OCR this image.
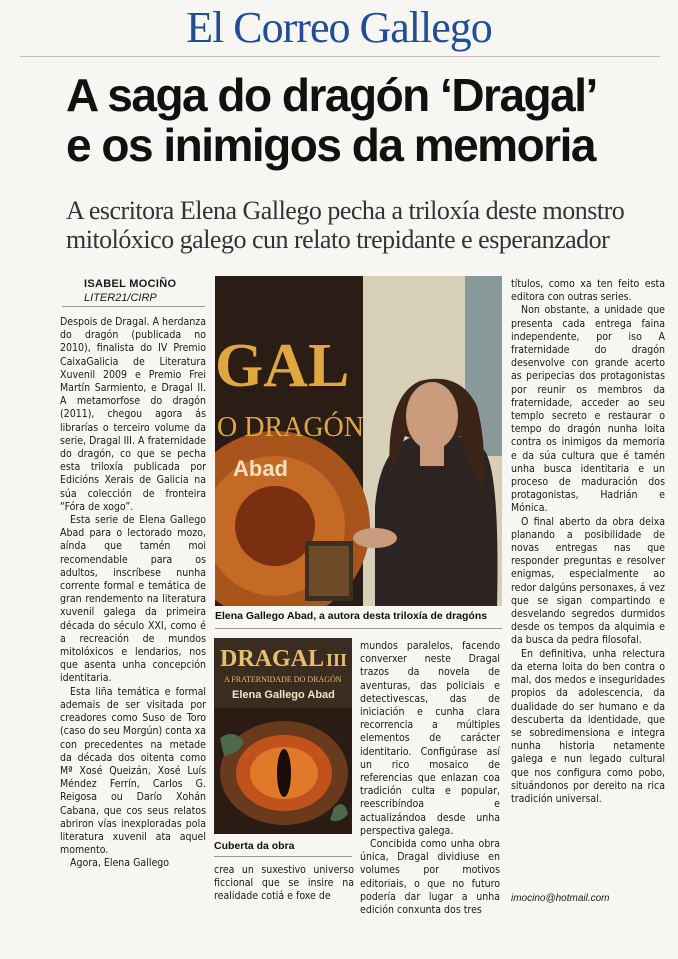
El Correo Gallego
A saga do dragón ‘Dragal’
e os inimigos da memoria
A escritora Elena Gallego pecha a triloxía deste monstro
mitolóxico galego cun relato trepidante e esperanzador
ISABEL MOCIÑO
LITER21/CIRP

Despois de Dragal. A herdanza do dragón (publicada no 2010), finalista do IV Premio CaixaGalicia de Literatura Xuvenil 2009 e Premio Frei Martín Sarmiento, e Dragal II. A metamorfose do dragón (2011), chegou agora ás librarías o terceiro volume da serie, Dragal III. A fraternidade do dragón, co que se pecha esta triloxía publicada por Edicións Xerais de Galicia na súa colección de fronteira “Fóra de xogo”.

Esta serie de Elena Gallego Abad para o lectorado mozo, aínda que tamén moi recomendable para os adultos, inscríbese nunha corrente formal e temática de gran rendemento na literatura xuvenil galega da primeira década do século XXI, como é a recreación de mundos mitolóxicos e lendarios, nos que asenta unha concepción identitaria.

Esta liña temática e formal ademais de ser visitada por creadores como Suso de Toro (caso do seu Morgún) conta xa con precedentes na metade da década dos oitenta como Mª Xosé Queizán, Xosé Luís Méndez Ferrín, Carlos G. Reigosa ou Darío Xohán Cabana, que cos seus relatos abriron vías inexploradas pola literatura xuvenil ata aquel momento.

Agora, Elena Gallego

GAL
O DRAGÓN
Abad
Elena Gallego Abad, a autora desta triloxía de dragóns
DRAGAL III
A FRATERNIDADE DO DRAGÓN
Elena Gallego Abad
Cuberta da obra

crea un suxestivo universo ficcional que se insire na realidade cotiá e foxe de

mundos paralelos, facendo converxer neste Dragal trazos da novela de aventuras, das policiais e detectivescas, das de iniciación e cunha clara recorrencia a múltiples elementos de carácter identitario. Configúrase así un rico mosaico de referencias que enlazan coa tradición culta e popular, reescribíndoa e actualizándoa desde unha perspectiva galega.

Concibida como unha obra única, Dragal dividiuse en volumes por motivos editoriais, o que no futuro podería dar lugar a unha edición conxunta dos tres

títulos, como xa ten feito esta editora con outras series.

Non obstante, a unidade que presenta cada entrega faina independente, por iso A fraternidade do dragón desenvolve con grande acerto as peripecias dos protagonistas por reunir os membros da fraternidade, acceder ao seu templo secreto e restaurar o tempo do dragón nunha loita contra os inimigos da memoria e da súa cultura que é tamén unha busca identitaria e un proceso de maduración dos protagonistas, Hadrián e Mónica.

O final aberto da obra deixa planando a posibilidade de novas entregas nas que responder preguntas e resolver enigmas, especialmente ao redor dalgúns personaxes, á vez que se sigan compartindo e desvelando segredos durmidos desde os tempos da alquimia e da busca da pedra filosofal.

En definitiva, unha relectura da eterna loita do ben contra o mal, dos medos e inseguridades propios da adolescencia, da dualidade do ser humano e da descuberta da identidade, que se sobredimensiona e integra nunha historia netamente galega e nun legado cultural que nos configura como pobo, situándonos por dereito na rica tradición universal.

imocino@hotmail.com
